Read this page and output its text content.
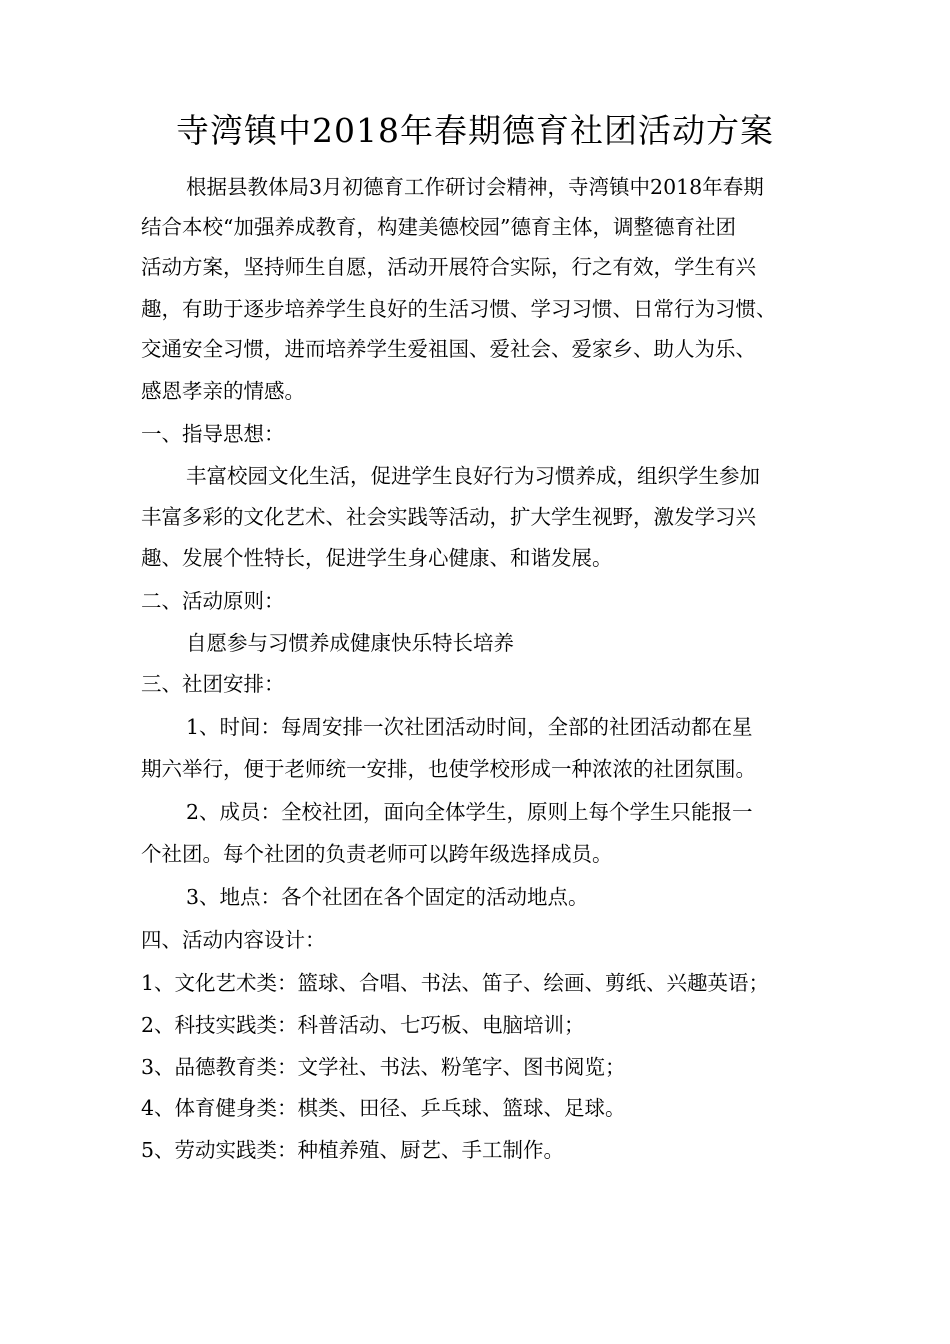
寺湾镇中2018年春期德育社团活动方案
根据县教体局3月初德育工作研讨会精神，寺湾镇中2018年春期
结合本校“加强养成教育，构建美德校园”德育主体，调整德育社团
活动方案，坚持师生自愿，活动开展符合实际，行之有效，学生有兴
趣，有助于逐步培养学生良好的生活习惯、学习习惯、日常行为习惯、
交通安全习惯，进而培养学生爱祖国、爱社会、爱家乡、助人为乐、
感恩孝亲的情感。
一、指导思想：
丰富校园文化生活，促进学生良好行为习惯养成，组织学生参加
丰富多彩的文化艺术、社会实践等活动，扩大学生视野，激发学习兴
趣、发展个性特长，促进学生身心健康、和谐发展。
二、活动原则：
自愿参与习惯养成健康快乐特长培养
三、社团安排：
1、时间：每周安排一次社团活动时间，全部的社团活动都在星
期六举行，便于老师统一安排，也使学校形成一种浓浓的社团氛围。
2、成员：全校社团，面向全体学生，原则上每个学生只能报一
个社团。每个社团的负责老师可以跨年级选择成员。
3、地点：各个社团在各个固定的活动地点。
四、活动内容设计：
1、文化艺术类：篮球、合唱、书法、笛子、绘画、剪纸、兴趣英语；
2、科技实践类：科普活动、七巧板、电脑培训；
3、品德教育类：文学社、书法、粉笔字、图书阅览；
4、体育健身类：棋类、田径、乒乓球、篮球、足球。
5、劳动实践类：种植养殖、厨艺、手工制作。
